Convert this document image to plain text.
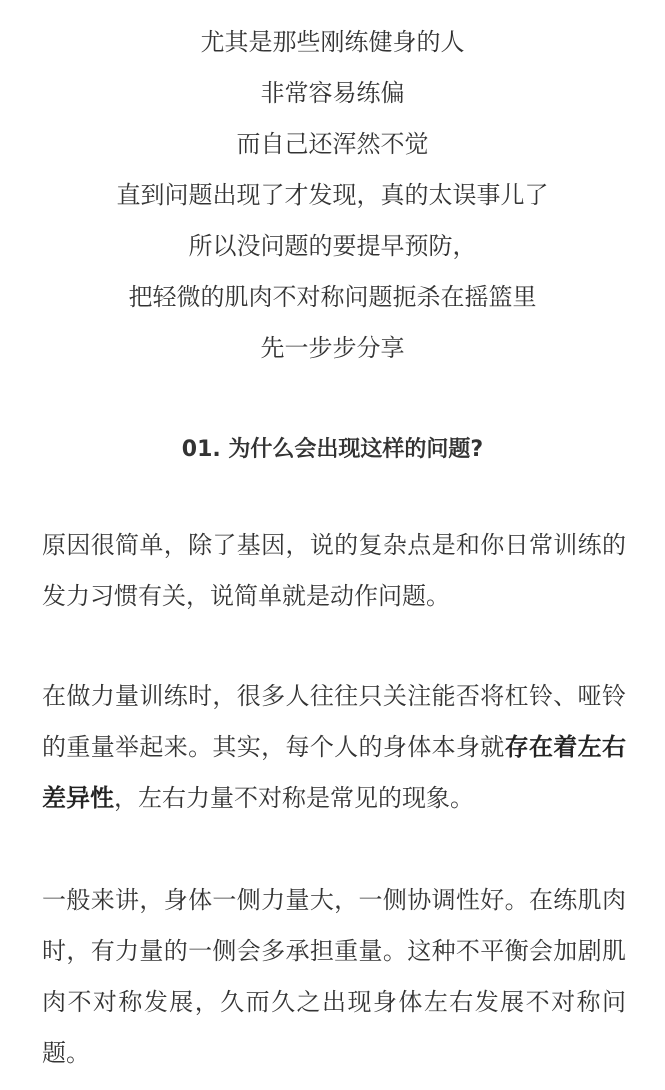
尤其是那些刚练健身的人
非常容易练偏
而自己还浑然不觉
直到问题出现了才发现，真的太误事儿了
所以没问题的要提早预防，
把轻微的肌肉不对称问题扼杀在摇篮里
先一步步分享
01. 为什么会出现这样的问题?
原因很简单，除了基因，说的复杂点是和你日常训练的
发力习惯有关，说简单就是动作问题。
在做力量训练时，很多人往往只关注能否将杠铃、哑铃
的重量举起来。其实，每个人的身体本身就存在着左右
差异性，左右力量不对称是常见的现象。
一般来讲，身体一侧力量大，一侧协调性好。在练肌肉
时，有力量的一侧会多承担重量。这种不平衡会加剧肌
肉不对称发展，久而久之出现身体左右发展不对称问
题。
